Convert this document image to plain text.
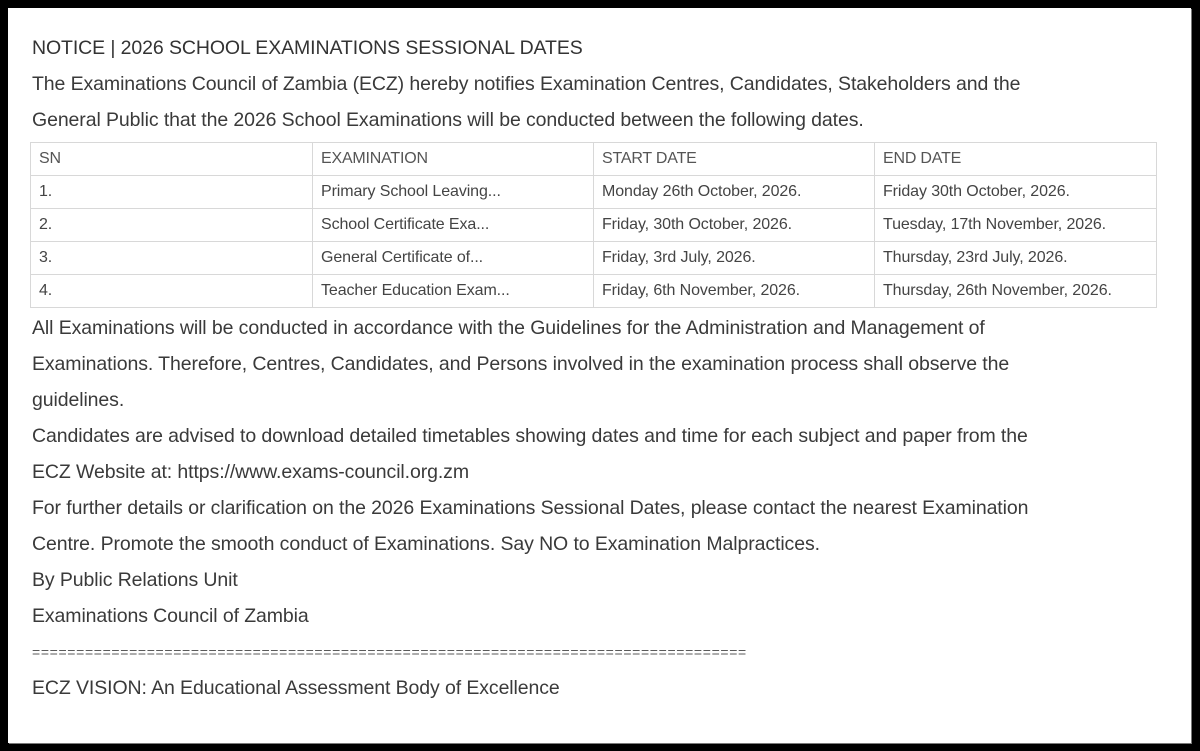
NOTICE | 2026 SCHOOL EXAMINATIONS SESSIONAL DATES

The Examinations Council of Zambia (ECZ) hereby notifies Examination Centres, Candidates, Stakeholders and the

General Public that the 2026 School Examinations will be conducted between the following dates.

SN	EXAMINATION	START DATE	END DATE
1.	Primary School Leaving...	Monday 26th October, 2026.	Friday 30th October, 2026.
2.	School Certificate Exa...	Friday, 30th October, 2026.	Tuesday, 17th November, 2026.
3.	General Certificate of...	Friday, 3rd July, 2026.	Thursday, 23rd July, 2026.
4.	Teacher Education Exam...	Friday, 6th November, 2026.	Thursday, 26th November, 2026.

All Examinations will be conducted in accordance with the Guidelines for the Administration and Management of

Examinations. Therefore, Centres, Candidates, and Persons involved in the examination process shall observe the

guidelines.

Candidates are advised to download detailed timetables showing dates and time for each subject and paper from the

ECZ Website at: https://www.exams-council.org.zm

For further details or clarification on the 2026 Examinations Sessional Dates, please contact the nearest Examination

Centre. Promote the smooth conduct of Examinations. Say NO to Examination Malpractices.

By Public Relations Unit

Examinations Council of Zambia

=================================================================================

ECZ VISION: An Educational Assessment Body of Excellence
